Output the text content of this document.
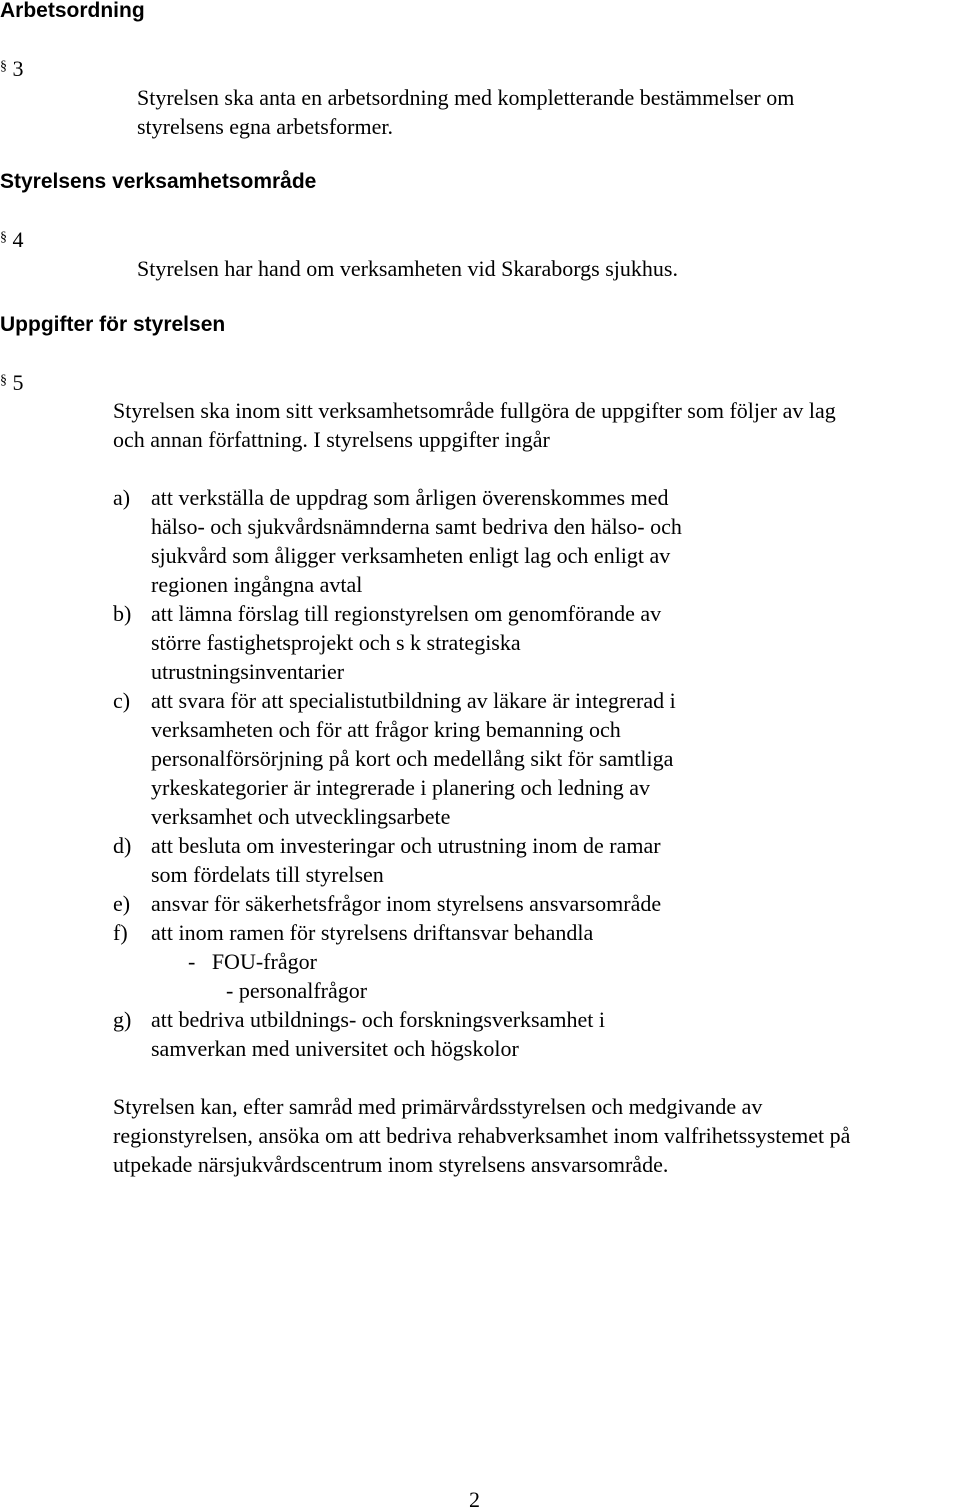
Arbetsordning
§ 3
Styrelsen ska anta en arbetsordning med kompletterande bestämmelser om
styrelsens egna arbetsformer.
Styrelsens verksamhetsområde
§ 4
Styrelsen har hand om verksamheten vid Skaraborgs sjukhus.
Uppgifter för styrelsen
§ 5
Styrelsen ska inom sitt verksamhetsområde fullgöra de uppgifter som följer av lag
och annan författning. I styrelsens uppgifter ingår
a) att verkställa de uppdrag som årligen överenskommes med
hälso- och sjukvårdsnämnderna samt bedriva den hälso- och
sjukvård som åligger verksamheten enligt lag och enligt av
regionen ingångna avtal
b) att lämna förslag till regionstyrelsen om genomförande av
större fastighetsprojekt och s k strategiska
utrustningsinventarier
c) att svara för att specialistutbildning av läkare är integrerad i
verksamheten och för att frågor kring bemanning och
personalförsörjning på kort och medellång sikt för samtliga
yrkeskategorier är integrerade i planering och ledning av
verksamhet och utvecklingsarbete
d) att besluta om investeringar och utrustning inom de ramar
som fördelats till styrelsen
e) ansvar för säkerhetsfrågor inom styrelsens ansvarsområde
f) att inom ramen för styrelsens driftansvar behandla
-   FOU-frågor
- personalfrågor
g) att bedriva utbildnings- och forskningsverksamhet i
samverkan med universitet och högskolor
Styrelsen kan, efter samråd med primärvårdsstyrelsen och medgivande av
regionstyrelsen, ansöka om att bedriva rehabverksamhet inom valfrihetssystemet på
utpekade närsjukvårdscentrum inom styrelsens ansvarsområde.
2
